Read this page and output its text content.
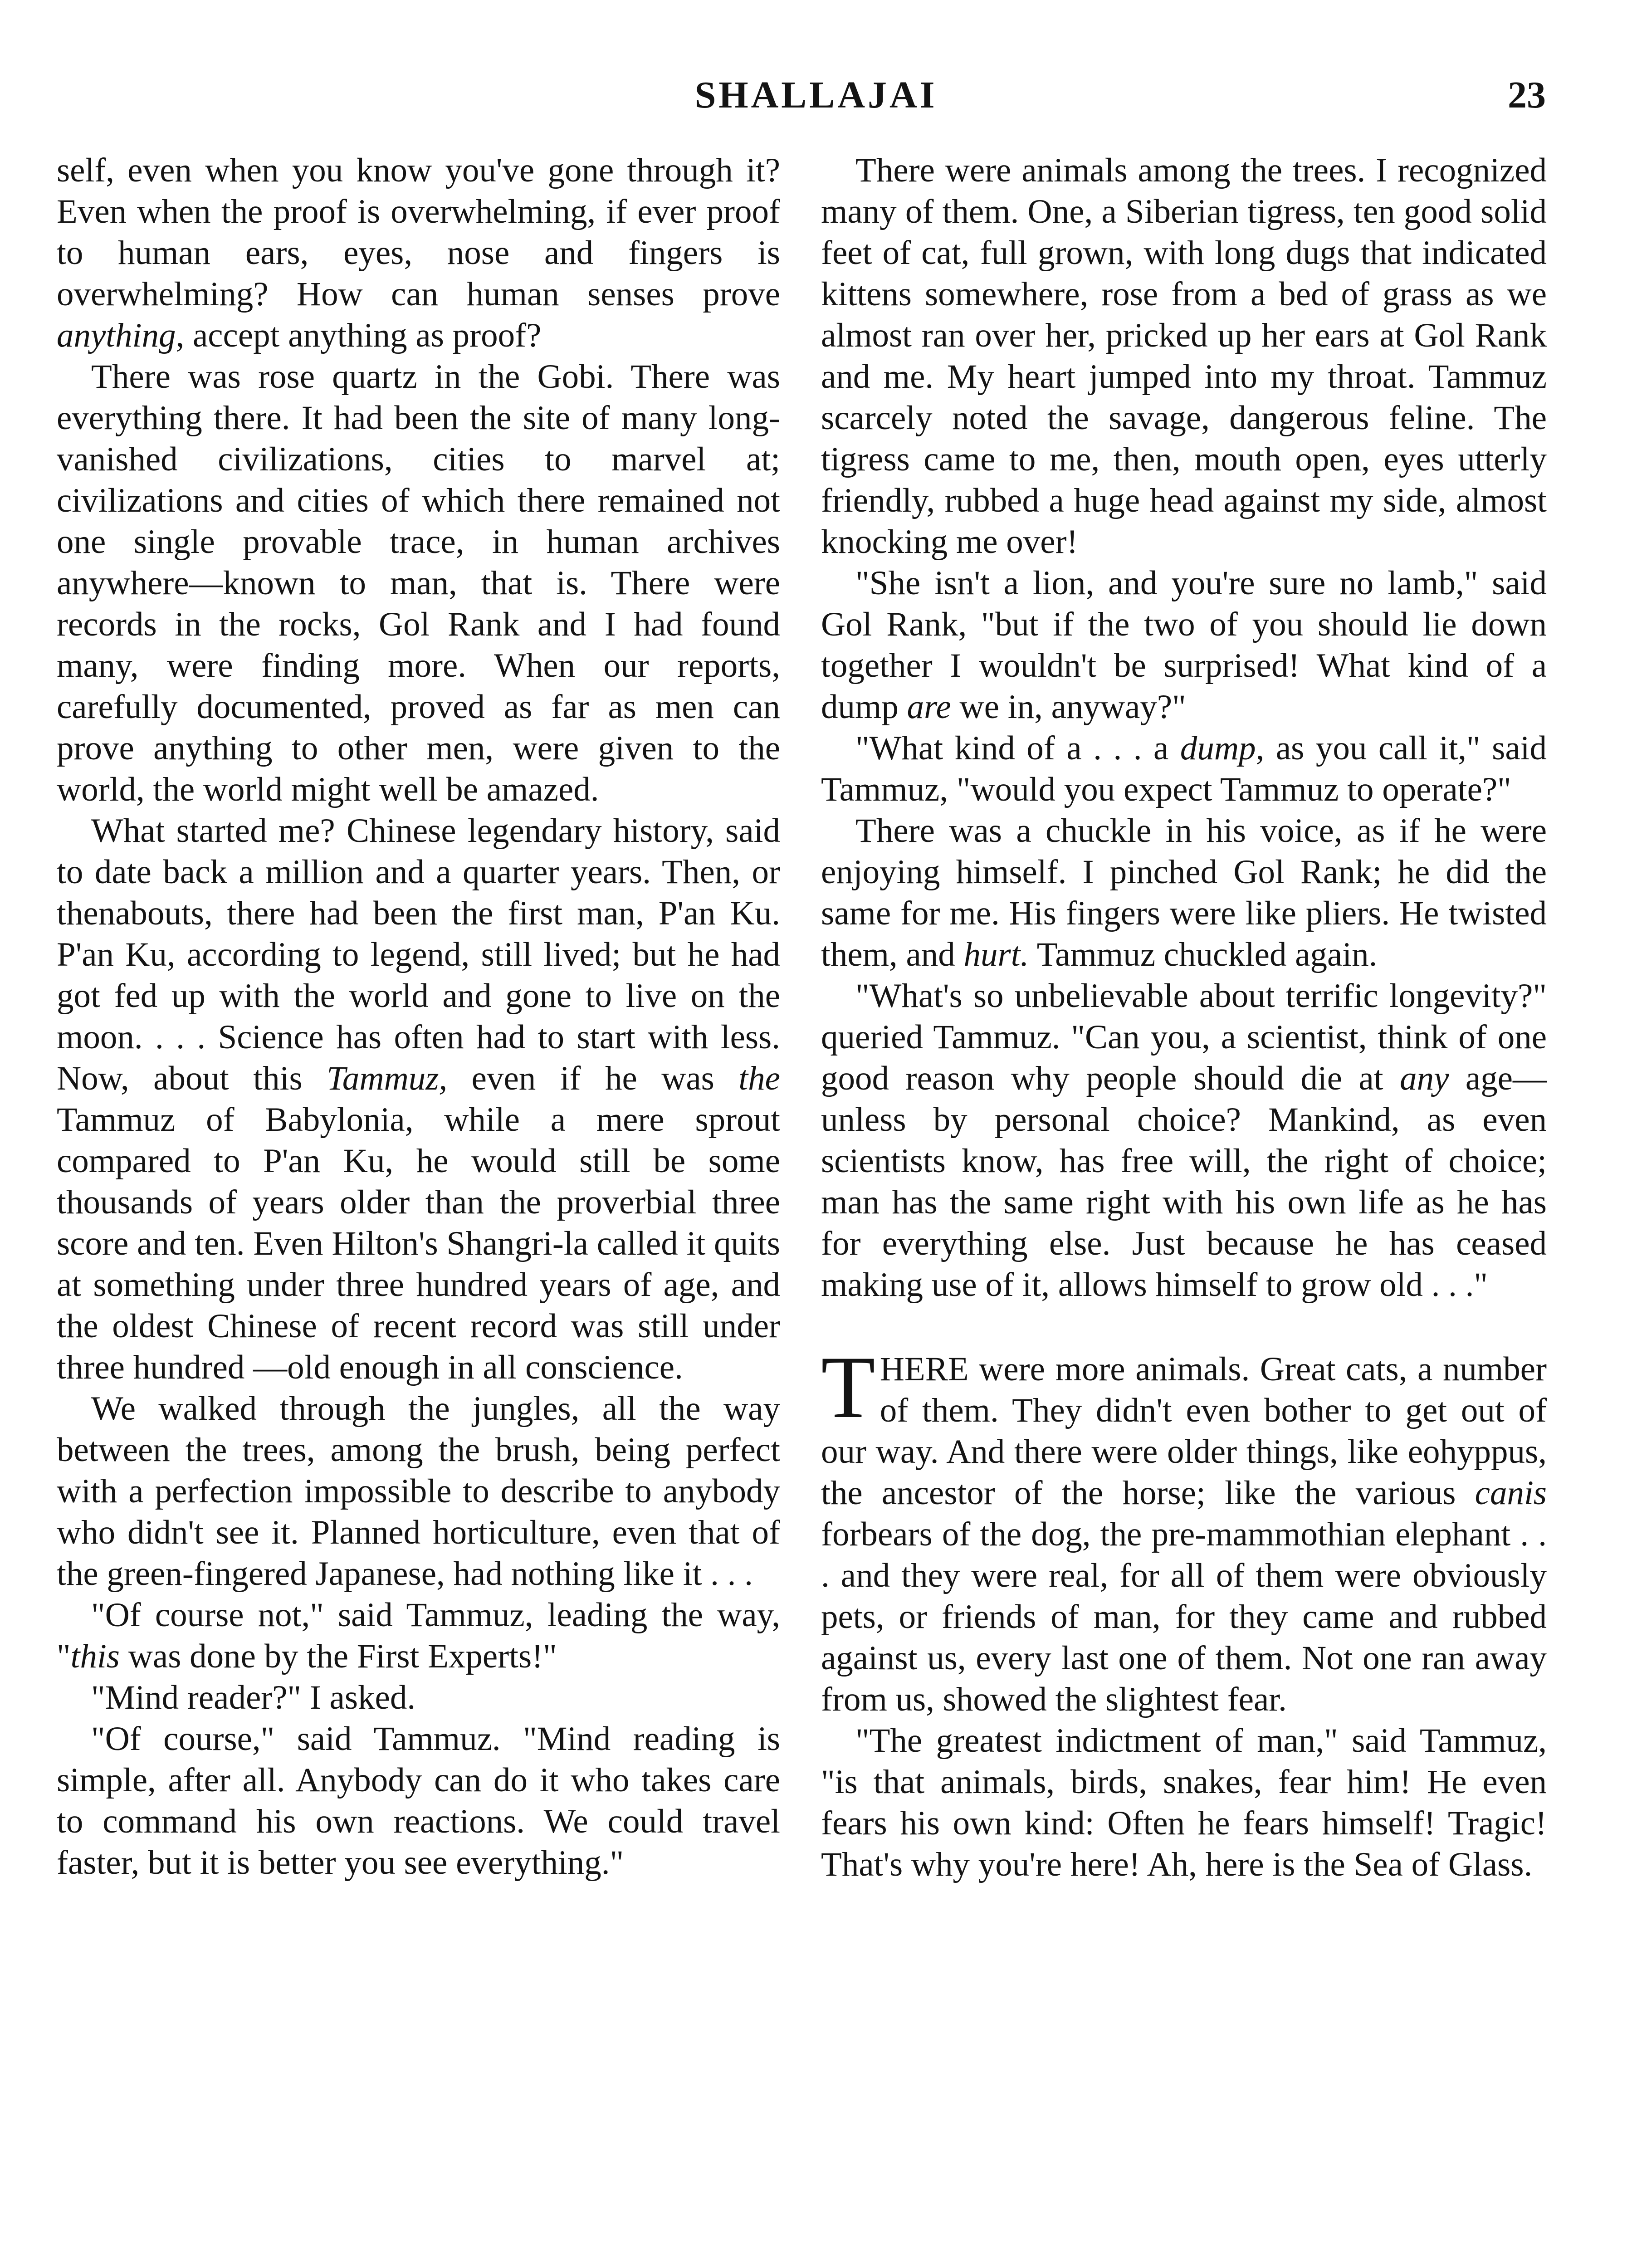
SHALLAJAI	23

self, even when you know you've gone through it? Even when the proof is overwhelming, if ever proof to human ears, eyes, nose and fingers is overwhelming? How can human senses prove anything, accept anything as proof?

There was rose quartz in the Gobi. There was everything there. It had been the site of many long-vanished civilizations, cities to marvel at; civilizations and cities of which there remained not one single provable trace, in human archives anywhere—known to man, that is. There were records in the rocks, Gol Rank and I had found many, were finding more. When our reports, carefully documented, proved as far as men can prove anything to other men, were given to the world, the world might well be amazed.

What started me? Chinese legendary history, said to date back a million and a quarter years. Then, or thenabouts, there had been the first man, P'an Ku. P'an Ku, according to legend, still lived; but he had got fed up with the world and gone to live on the moon. . . . Science has often had to start with less. Now, about this Tammuz, even if he was the Tammuz of Babylonia, while a mere sprout compared to P'an Ku, he would still be some thousands of years older than the proverbial three score and ten. Even Hilton's Shangri-la called it quits at something under three hundred years of age, and the oldest Chinese of recent record was still under three hundred —old enough in all conscience.

We walked through the jungles, all the way between the trees, among the brush, being perfect with a perfection impossible to describe to anybody who didn't see it. Planned horticulture, even that of the green-fingered Japanese, had nothing like it . . .

"Of course not," said Tammuz, leading the way, "this was done by the First Experts!"

"Mind reader?" I asked.

"Of course," said Tammuz. "Mind reading is simple, after all. Anybody can do it who takes care to command his own reactions. We could travel faster, but it is better you see everything."

There were animals among the trees. I recognized many of them. One, a Siberian tigress, ten good solid feet of cat, full grown, with long dugs that indicated kittens somewhere, rose from a bed of grass as we almost ran over her, pricked up her ears at Gol Rank and me. My heart jumped into my throat. Tammuz scarcely noted the savage, dangerous feline. The tigress came to me, then, mouth open, eyes utterly friendly, rubbed a huge head against my side, almost knocking me over!

"She isn't a lion, and you're sure no lamb," said Gol Rank, "but if the two of you should lie down together I wouldn't be surprised! What kind of a dump are we in, anyway?"

"What kind of a . . . a dump, as you call it," said Tammuz, "would you expect Tammuz to operate?"

There was a chuckle in his voice, as if he were enjoying himself. I pinched Gol Rank; he did the same for me. His fingers were like pliers. He twisted them, and hurt. Tammuz chuckled again.

"What's so unbelievable about terrific longevity?" queried Tammuz. "Can you, a scientist, think of one good reason why people should die at any age—unless by personal choice? Mankind, as even scientists know, has free will, the right of choice; man has the same right with his own life as he has for everything else. Just because he has ceased making use of it, allows himself to grow old . . ."

THERE were more animals. Great cats, a number of them. They didn't even bother to get out of our way. And there were older things, like eohyppus, the ancestor of the horse; like the various canis forbears of the dog, the pre-mammothian elephant . . . and they were real, for all of them were obviously pets, or friends of man, for they came and rubbed against us, every last one of them. Not one ran away from us, showed the slightest fear.

"The greatest indictment of man," said Tammuz, "is that animals, birds, snakes, fear him! He even fears his own kind: Often he fears himself! Tragic! That's why you're here! Ah, here is the Sea of Glass.
